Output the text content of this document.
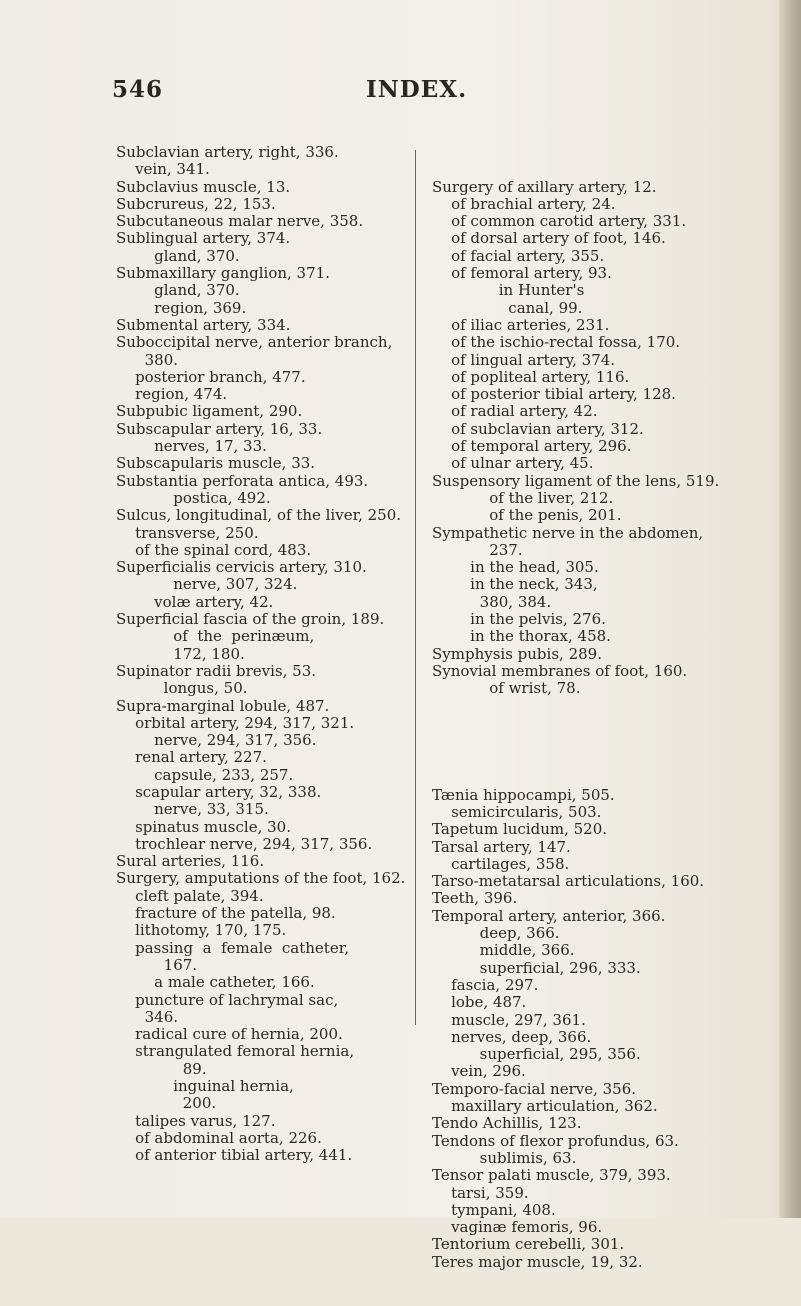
546	INDEX.
Subclavian artery, right, 336.
vein, 341.
Subclavius muscle, 13.
Subcrureus, 22, 153.
Subcutaneous malar nerve, 358.
Sublingual artery, 374.
gland, 370.
Submaxillary ganglion, 371.
gland, 370.
region, 369.
Submental artery, 334.
Suboccipital nerve, anterior branch,
380.
posterior branch, 477.
region, 474.
Subpubic ligament, 290.
Subscapular artery, 16, 33.
nerves, 17, 33.
Subscapularis muscle, 33.
Substantia perforata antica, 493.
postica, 492.
Sulcus, longitudinal, of the liver, 250.
transverse, 250.
of the spinal cord, 483.
Superficialis cervicis artery, 310.
nerve, 307, 324.
volæ artery, 42.
Superficial fascia of the groin, 189.
of  the  perinæum,
172, 180.
Supinator radii brevis, 53.
longus, 50.
Supra-marginal lobule, 487.
orbital artery, 294, 317, 321.
nerve, 294, 317, 356.
renal artery, 227.
capsule, 233, 257.
scapular artery, 32, 338.
nerve, 33, 315.
spinatus muscle, 30.
trochlear nerve, 294, 317, 356.
Sural arteries, 116.
Surgery, amputations of the foot, 162.
cleft palate, 394.
fracture of the patella, 98.
lithotomy, 170, 175.
passing  a  female  catheter,
167.
a male catheter, 166.
puncture of lachrymal sac,
346.
radical cure of hernia, 200.
strangulated femoral hernia,
89.
inguinal hernia,
200.
talipes varus, 127.
of abdominal aorta, 226.
of anterior tibial artery, 441.

Surgery of axillary artery, 12.
of brachial artery, 24.
of common carotid artery, 331.
of dorsal artery of foot, 146.
of facial artery, 355.
of femoral artery, 93.
in Hunter's
canal, 99.
of iliac arteries, 231.
of the ischio-rectal fossa, 170.
of lingual artery, 374.
of popliteal artery, 116.
of posterior tibial artery, 128.
of radial artery, 42.
of subclavian artery, 312.
of temporal artery, 296.
of ulnar artery, 45.
Suspensory ligament of the lens, 519.
of the liver, 212.
of the penis, 201.
Sympathetic nerve in the abdomen,
237.
in the head, 305.
in the neck, 343,
380, 384.
in the pelvis, 276.
in the thorax, 458.
Symphysis pubis, 289.
Synovial membranes of foot, 160.
of wrist, 78.

Tænia hippocampi, 505.
semicircularis, 503.
Tapetum lucidum, 520.
Tarsal artery, 147.
cartilages, 358.
Tarso-metatarsal articulations, 160.
Teeth, 396.
Temporal artery, anterior, 366.
deep, 366.
middle, 366.
superficial, 296, 333.
fascia, 297.
lobe, 487.
muscle, 297, 361.
nerves, deep, 366.
superficial, 295, 356.
vein, 296.
Temporo-facial nerve, 356.
maxillary articulation, 362.
Tendo Achillis, 123.
Tendons of flexor profundus, 63.
sublimis, 63.
Tensor palati muscle, 379, 393.
tarsi, 359.
tympani, 408.
vaginæ femoris, 96.
Tentorium cerebelli, 301.
Teres major muscle, 19, 32.
